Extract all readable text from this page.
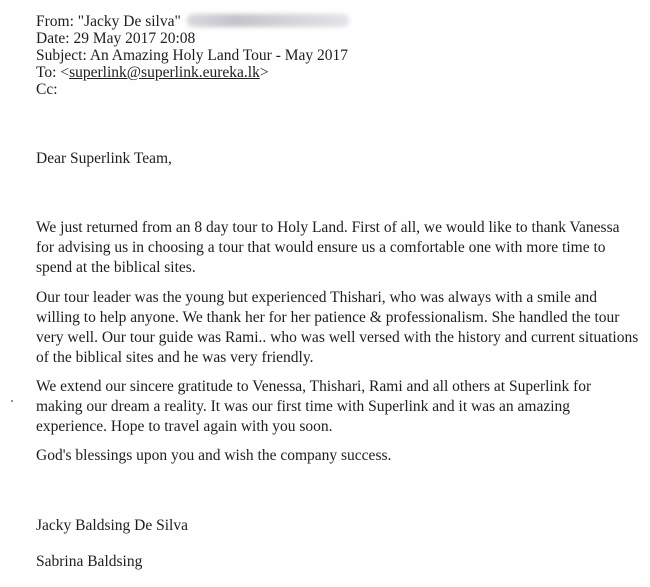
From: "Jacky De silva"
Date: 29 May 2017 20:08
Subject: An Amazing Holy Land Tour - May 2017
To: <superlink@superlink.eureka.lk>
Cc:
Dear Superlink Team,
We just returned from an 8 day tour to Holy Land. First of all, we would like to thank Vanessa
for advising us in choosing a tour that would ensure us a comfortable one with more time to
spend at the biblical sites.
Our tour leader was the young but experienced Thishari, who was always with a smile and
willing to help anyone. We thank her for her patience & professionalism. She handled the tour
very well. Our tour guide was Rami.. who was well versed with the history and current situations
of the biblical sites and he was very friendly.
We extend our sincere gratitude to Venessa, Thishari, Rami and all others at Superlink for
making our dream a reality. It was our first time with Superlink and it was an amazing
experience. Hope to travel again with you soon.
God's blessings upon you and wish the company success.
Jacky Baldsing De Silva
Sabrina Baldsing
